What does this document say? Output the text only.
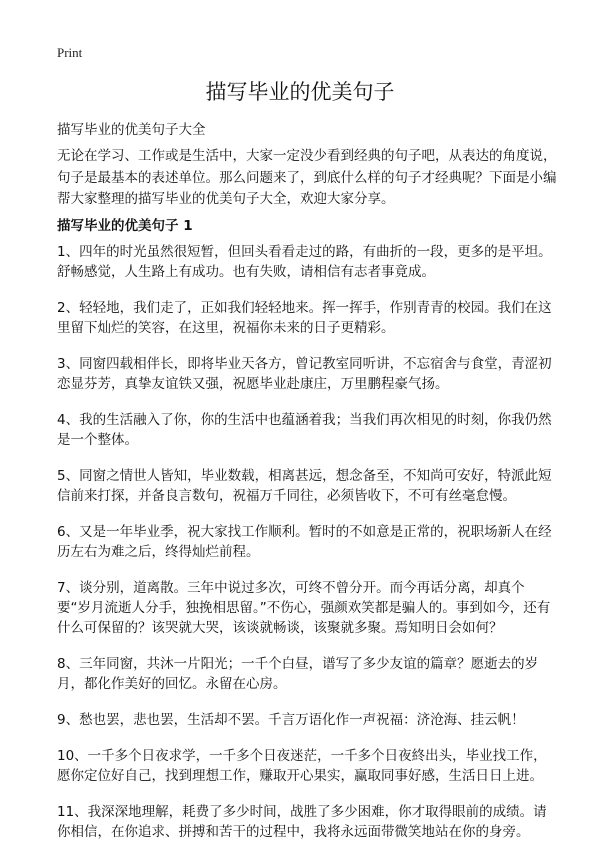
Print
描写毕业的优美句子
描写毕业的优美句子大全

无论在学习、工作或是生活中，大家一定没少看到经典的句子吧，从表达的角度说，句子是最基本的表述单位。那么问题来了，到底什么样的句子才经典呢？下面是小编帮大家整理的描写毕业的优美句子大全，欢迎大家分享。

描写毕业的优美句子 1
1、四年的时光虽然很短暂，但回头看看走过的路，有曲折的一段，更多的是平坦。舒畅感觉，人生路上有成功。也有失败，请相信有志者事竟成。
2、轻轻地，我们走了，正如我们轻轻地来。挥一挥手，作别青青的校园。我们在这里留下灿烂的笑容，在这里，祝福你未来的日子更精彩。
3、同窗四载相伴长，即将毕业天各方，曾记教室同听讲，不忘宿舍与食堂，青涩初恋显芬芳，真挚友谊铁又强，祝愿毕业赴康庄，万里鹏程豪气扬。
4、我的生活融入了你，你的生活中也蕴涵着我；当我们再次相见的时刻，你我仍然是一个整体。
5、同窗之情世人皆知，毕业数载，相离甚远，想念备至，不知尚可安好，特派此短信前来打探，并备良言数句，祝福万千同往，必须皆收下，不可有丝毫怠慢。
6、又是一年毕业季，祝大家找工作顺利。暂时的不如意是正常的，祝职场新人在经历左右为难之后，终得灿烂前程。
7、谈分别，道离散。三年中说过多次，可终不曾分开。而今再话分离，却真个要“岁月流逝人分手，独挽相思留。”不伤心，强颜欢笑都是骗人的。事到如今，还有什么可保留的？该哭就大哭，该谈就畅谈，该聚就多聚。焉知明日会如何？
8、三年同窗，共沐一片阳光；一千个白昼，谱写了多少友谊的篇章？愿逝去的岁月，都化作美好的回忆。永留在心房。
9、愁也罢，悲也罢，生活却不罢。千言万语化作一声祝福：济沧海、挂云帆！
10、一千多个日夜求学，一千多个日夜迷茫，一千多个日夜終出头，毕业找工作，愿你定位好自己，找到理想工作，赚取开心果实，赢取同事好感，生活日日上进。
11、我深深地理解，耗费了多少时间，战胜了多少困难，你才取得眼前的成绩。请你相信，在你追求、拼搏和苦干的过程中，我将永远面带微笑地站在你的身旁。
